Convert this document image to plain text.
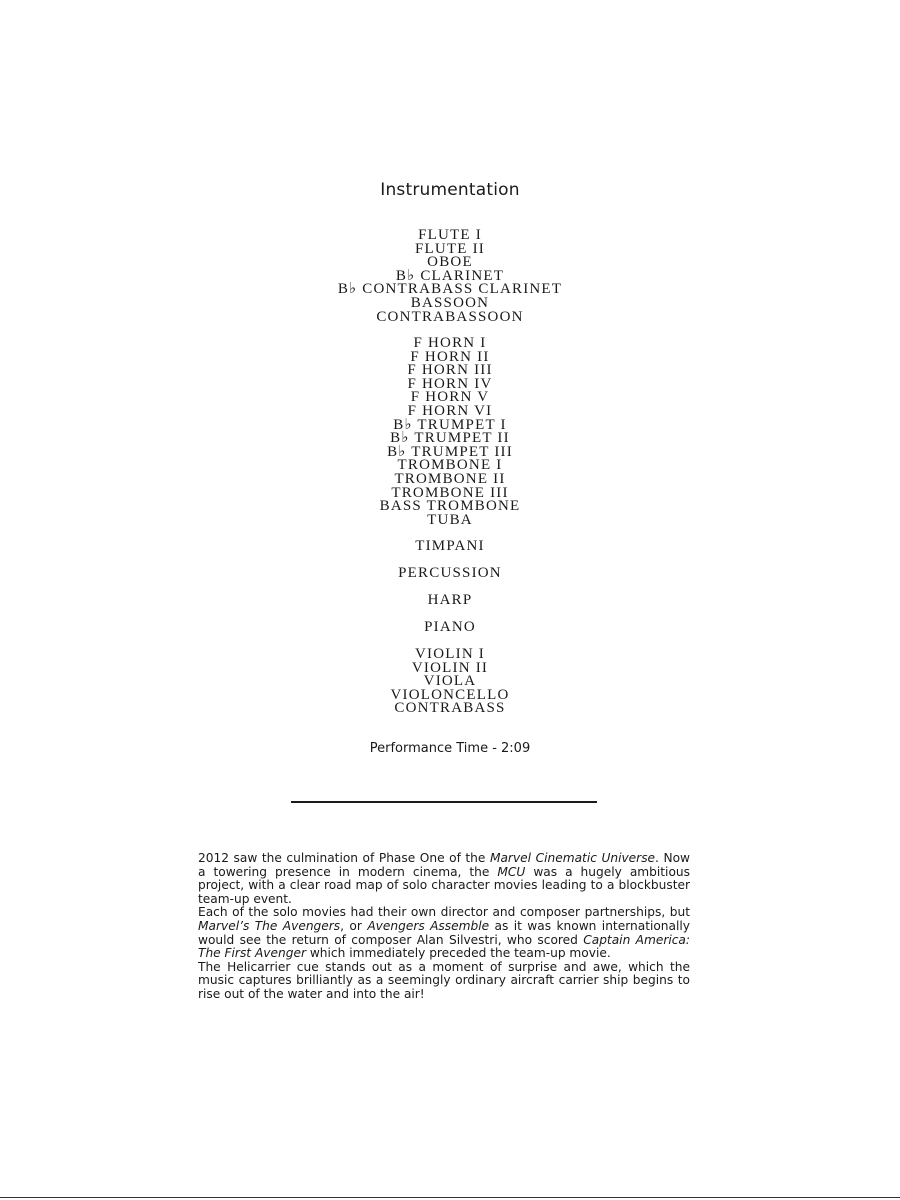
Instrumentation
FLUTE I
FLUTE II
OBOE
B♭ CLARINET
B♭ CONTRABASS CLARINET
BASSOON
CONTRABASSOON
F HORN I
F HORN II
F HORN III
F HORN IV
F HORN V
F HORN VI
B♭ TRUMPET I
B♭ TRUMPET II
B♭ TRUMPET III
TROMBONE I
TROMBONE II
TROMBONE III
BASS TROMBONE
TUBA
TIMPANI
PERCUSSION
HARP
PIANO
VIOLIN I
VIOLIN II
VIOLA
VIOLONCELLO
CONTRABASS
Performance Time - 2:09

2012 saw the culmination of Phase One of the Marvel Cinematic Universe. Now a towering presence in modern cinema, the MCU was a hugely ambitious project, with a clear road map of solo character movies leading to a blockbuster team-up event.

Each of the solo movies had their own director and composer partnerships, but Marvel’s The Avengers, or Avengers Assemble as it was known internationally would see the return of composer Alan Silvestri, who scored Captain America: The First Avenger which immediately preceded the team-up movie.

The Helicarrier cue stands out as a moment of surprise and awe, which the music captures brilliantly as a seemingly ordinary aircraft carrier ship begins to rise out of the water and into the air!
